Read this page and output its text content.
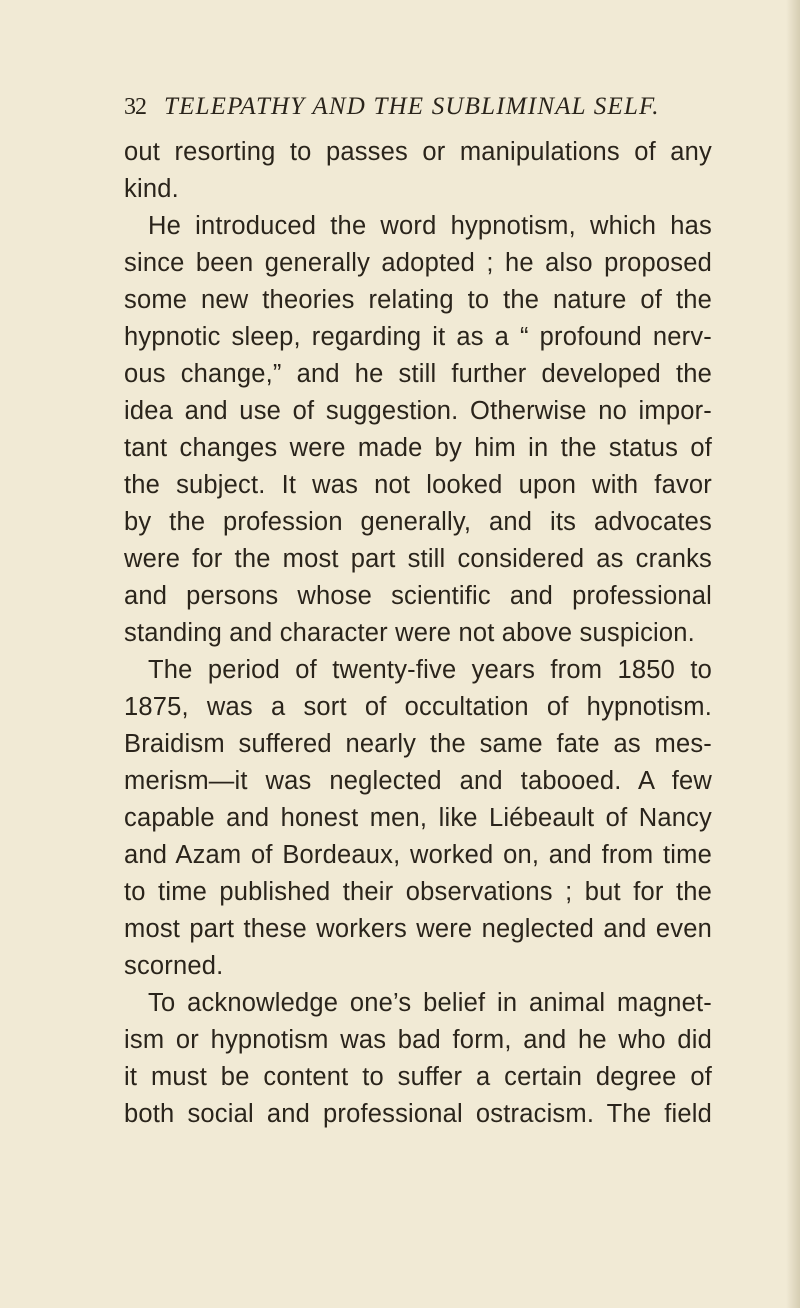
32 TELEPATHY AND THE SUBLIMINAL SELF.
out resorting to passes or manipulations of any
kind.
He introduced the word hypnotism, which has
since been generally adopted ; he also proposed
some new theories relating to the nature of the
hypnotic sleep, regarding it as a “ profound nerv-
ous change,” and he still further developed the
idea and use of suggestion. Otherwise no impor-
tant changes were made by him in the status of
the subject. It was not looked upon with favor
by the profession generally, and its advocates
were for the most part still considered as cranks
and persons whose scientific and professional
standing and character were not above suspicion.
The period of twenty-five years from 1850 to
1875, was a sort of occultation of hypnotism.
Braidism suffered nearly the same fate as mes-
merism—it was neglected and tabooed. A few
capable and honest men, like Liébeault of Nancy
and Azam of Bordeaux, worked on, and from time
to time published their observations ; but for the
most part these workers were neglected and even
scorned.
To acknowledge one’s belief in animal magnet-
ism or hypnotism was bad form, and he who did
it must be content to suffer a certain degree of
both social and professional ostracism. The field
